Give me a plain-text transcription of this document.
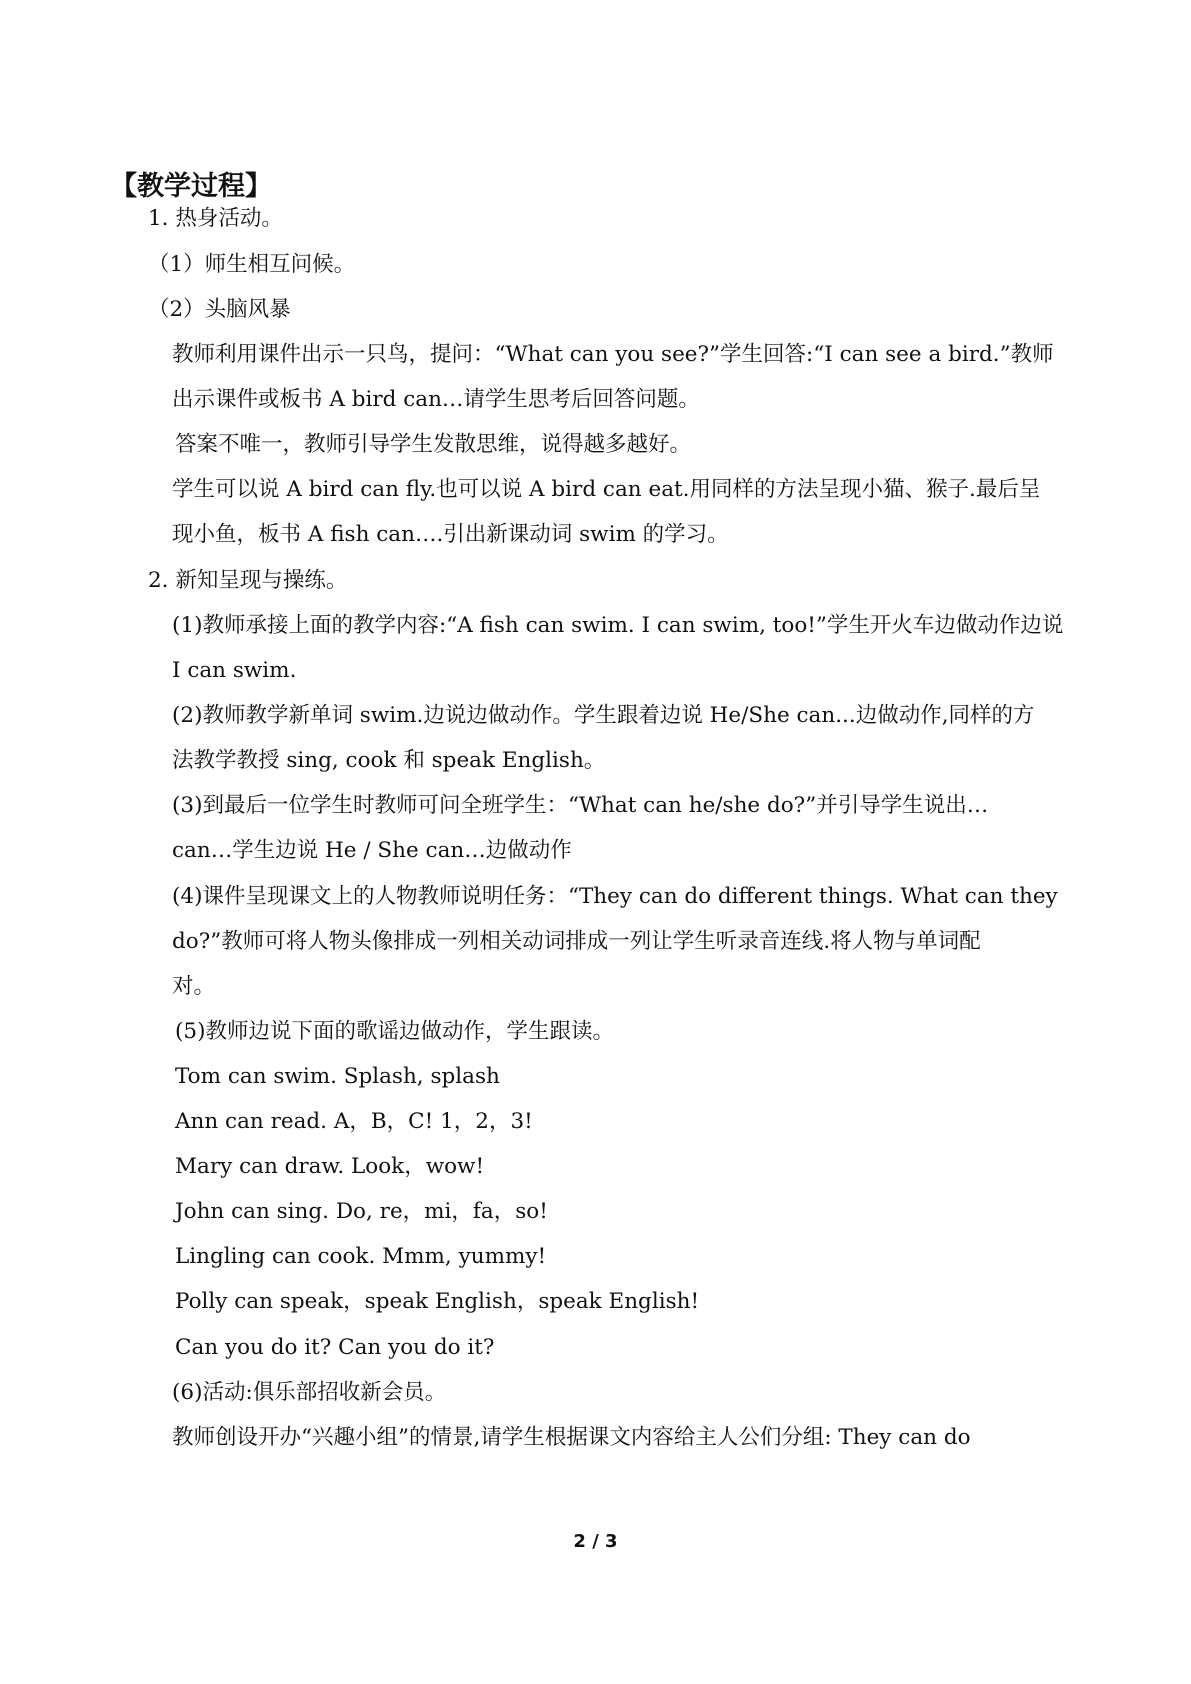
【教学过程】
1. 热身活动。
（1）师生相互问候。
（2）头脑风暴
教师利用课件出示一只鸟，提问：“What can you see?”学生回答:“I can see a bird.”教师
出示课件或板书 A bird can…请学生思考后回答问题。
答案不唯一，教师引导学生发散思维，说得越多越好。
学生可以说 A bird can fly.也可以说 A bird can eat.用同样的方法呈现小猫、猴子.最后呈
现小鱼，板书 A fish can….引出新课动词 swim 的学习。
2. 新知呈现与操练。
(1)教师承接上面的教学内容:“A fish can swim. I can swim, too!”学生开火车边做动作边说
I can swim.
(2)教师教学新单词 swim.边说边做动作。学生跟着边说 He/She can...边做动作,同样的方
法教学教授 sing, cook 和 speak English。
(3)到最后一位学生时教师可问全班学生：“What can he/she do?”并引导学生说出…
can…学生边说 He / She can…边做动作
(4)课件呈现课文上的人物教师说明任务：“They can do different things. What can they
do?”教师可将人物头像排成一列相关动词排成一列让学生听录音连线.将人物与单词配
对。
(5)教师边说下面的歌谣边做动作，学生跟读。
Tom can swim. Splash, splash
Ann can read. A，B，C! 1，2，3!
Mary can draw. Look，wow!
John can sing. Do, re，mi，fa，so!
Lingling can cook. Mmm, yummy!
Polly can speak，speak English，speak English!
Can you do it? Can you do it?
(6)活动:俱乐部招收新会员。
教师创设开办“兴趣小组”的情景,请学生根据课文内容给主人公们分组: They can do
2 / 3
